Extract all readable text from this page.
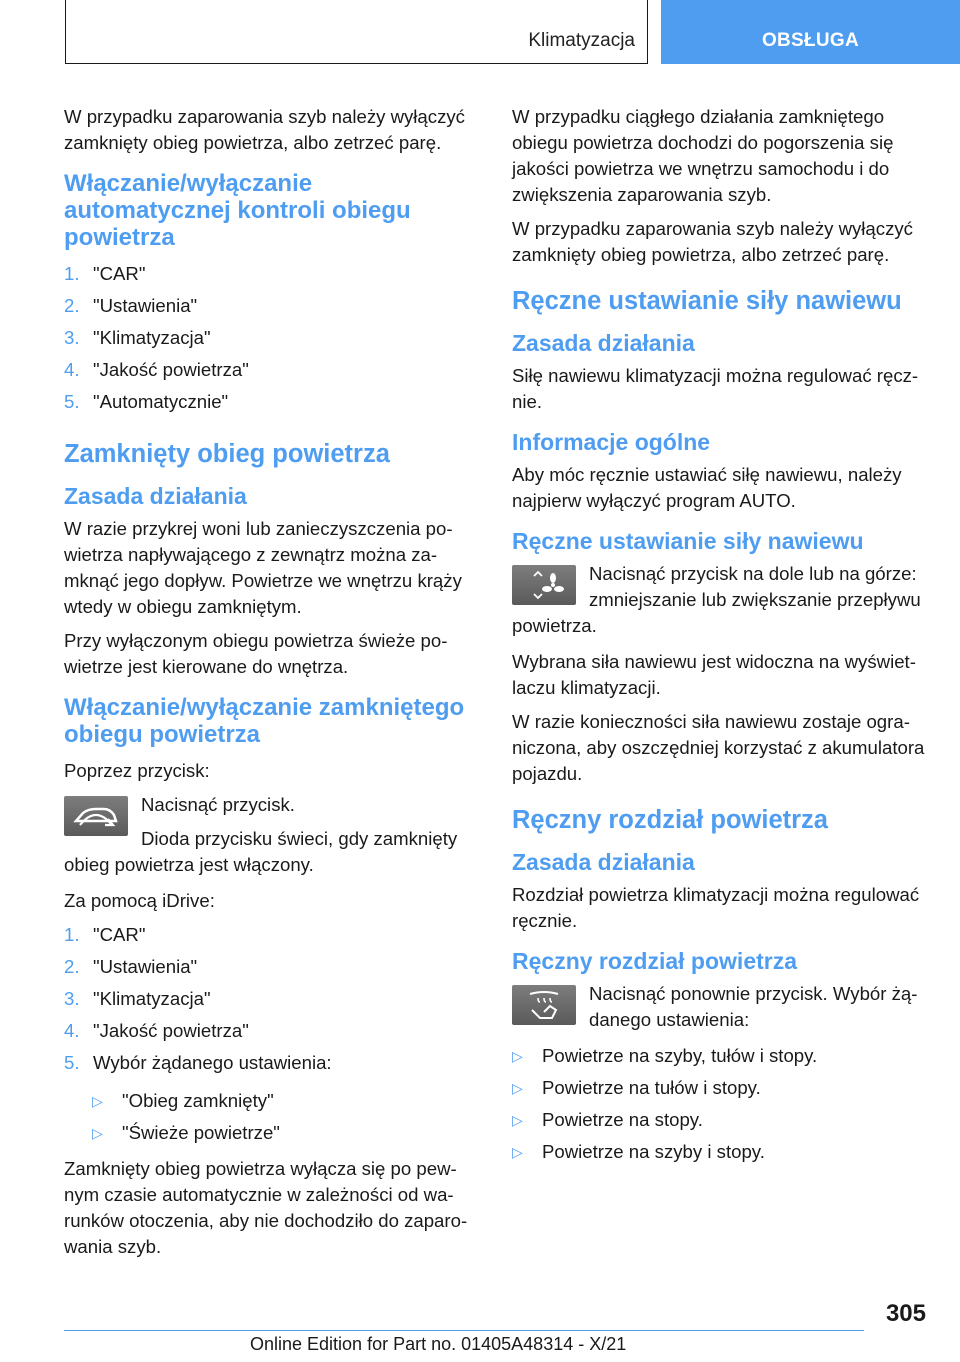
Klimatyzacja	OBSŁUGA

W przypadku zaparowania szyb należy wyłączyć zamknięty obieg powietrza, albo zetrzeć parę.

Włączanie/wyłączanie automatycznej kontroli obiegu powietrza
1. "CAR"
2. "Ustawienia"
3. "Klimatyzacja"
4. "Jakość powietrza"
5. "Automatycznie"
Zamknięty obieg powietrza
Zasada działania

W razie przykrej woni lub zanieczyszczenia powietrza napływającego z zewnątrz można zamknąć jego dopływ. Powietrze we wnętrzu krąży wtedy w obiegu zamkniętym.

Przy wyłączonym obiegu powietrza świeże powietrze jest kierowane do wnętrza.

Włączanie/wyłączanie zamkniętego obiegu powietrza

Poprzez przycisk:

Nacisnąć przycisk.

Dioda przycisku świeci, gdy zamknięty obieg powietrza jest włączony.

Za pomocą iDrive:

1. "CAR"
2. "Ustawienia"
3. "Klimatyzacja"
4. "Jakość powietrza"
5. Wybór żądanego ustawienia:
▷	"Obieg zamknięty"
▷	"Świeże powietrze"

Zamknięty obieg powietrza wyłącza się po pewnym czasie automatycznie w zależności od warunków otoczenia, aby nie dochodziło do zaparowania szyb.

W przypadku ciągłego działania zamkniętego obiegu powietrza dochodzi do pogorszenia się jakości powietrza we wnętrzu samochodu i do zwiększenia zaparowania szyb.

W przypadku zaparowania szyb należy wyłączyć zamknięty obieg powietrza, albo zetrzeć parę.

Ręczne ustawianie siły nawiewu
Zasada działania

Siłę nawiewu klimatyzacji można regulować ręcznie.

Informacje ogólne

Aby móc ręcznie ustawiać siłę nawiewu, należy najpierw wyłączyć program AUTO.

Ręczne ustawianie siły nawiewu

Nacisnąć przycisk na dole lub na górze: zmniejszanie lub zwiększanie przepływu powietrza.

Wybrana siła nawiewu jest widoczna na wyświetlaczu klimatyzacji.

W razie konieczności siła nawiewu zostaje ograniczona, aby oszczędniej korzystać z akumulatora pojazdu.

Ręczny rozdział powietrza
Zasada działania

Rozdział powietrza klimatyzacji można regulować ręcznie.

Ręczny rozdział powietrza

Nacisnąć ponownie przycisk. Wybór żądanego ustawienia:

▷	Powietrze na szyby, tułów i stopy.
▷	Powietrze na tułów i stopy.
▷	Powietrze na stopy.
▷	Powietrze na szyby i stopy.
305
Online Edition for Part no. 01405A48314 - X/21
